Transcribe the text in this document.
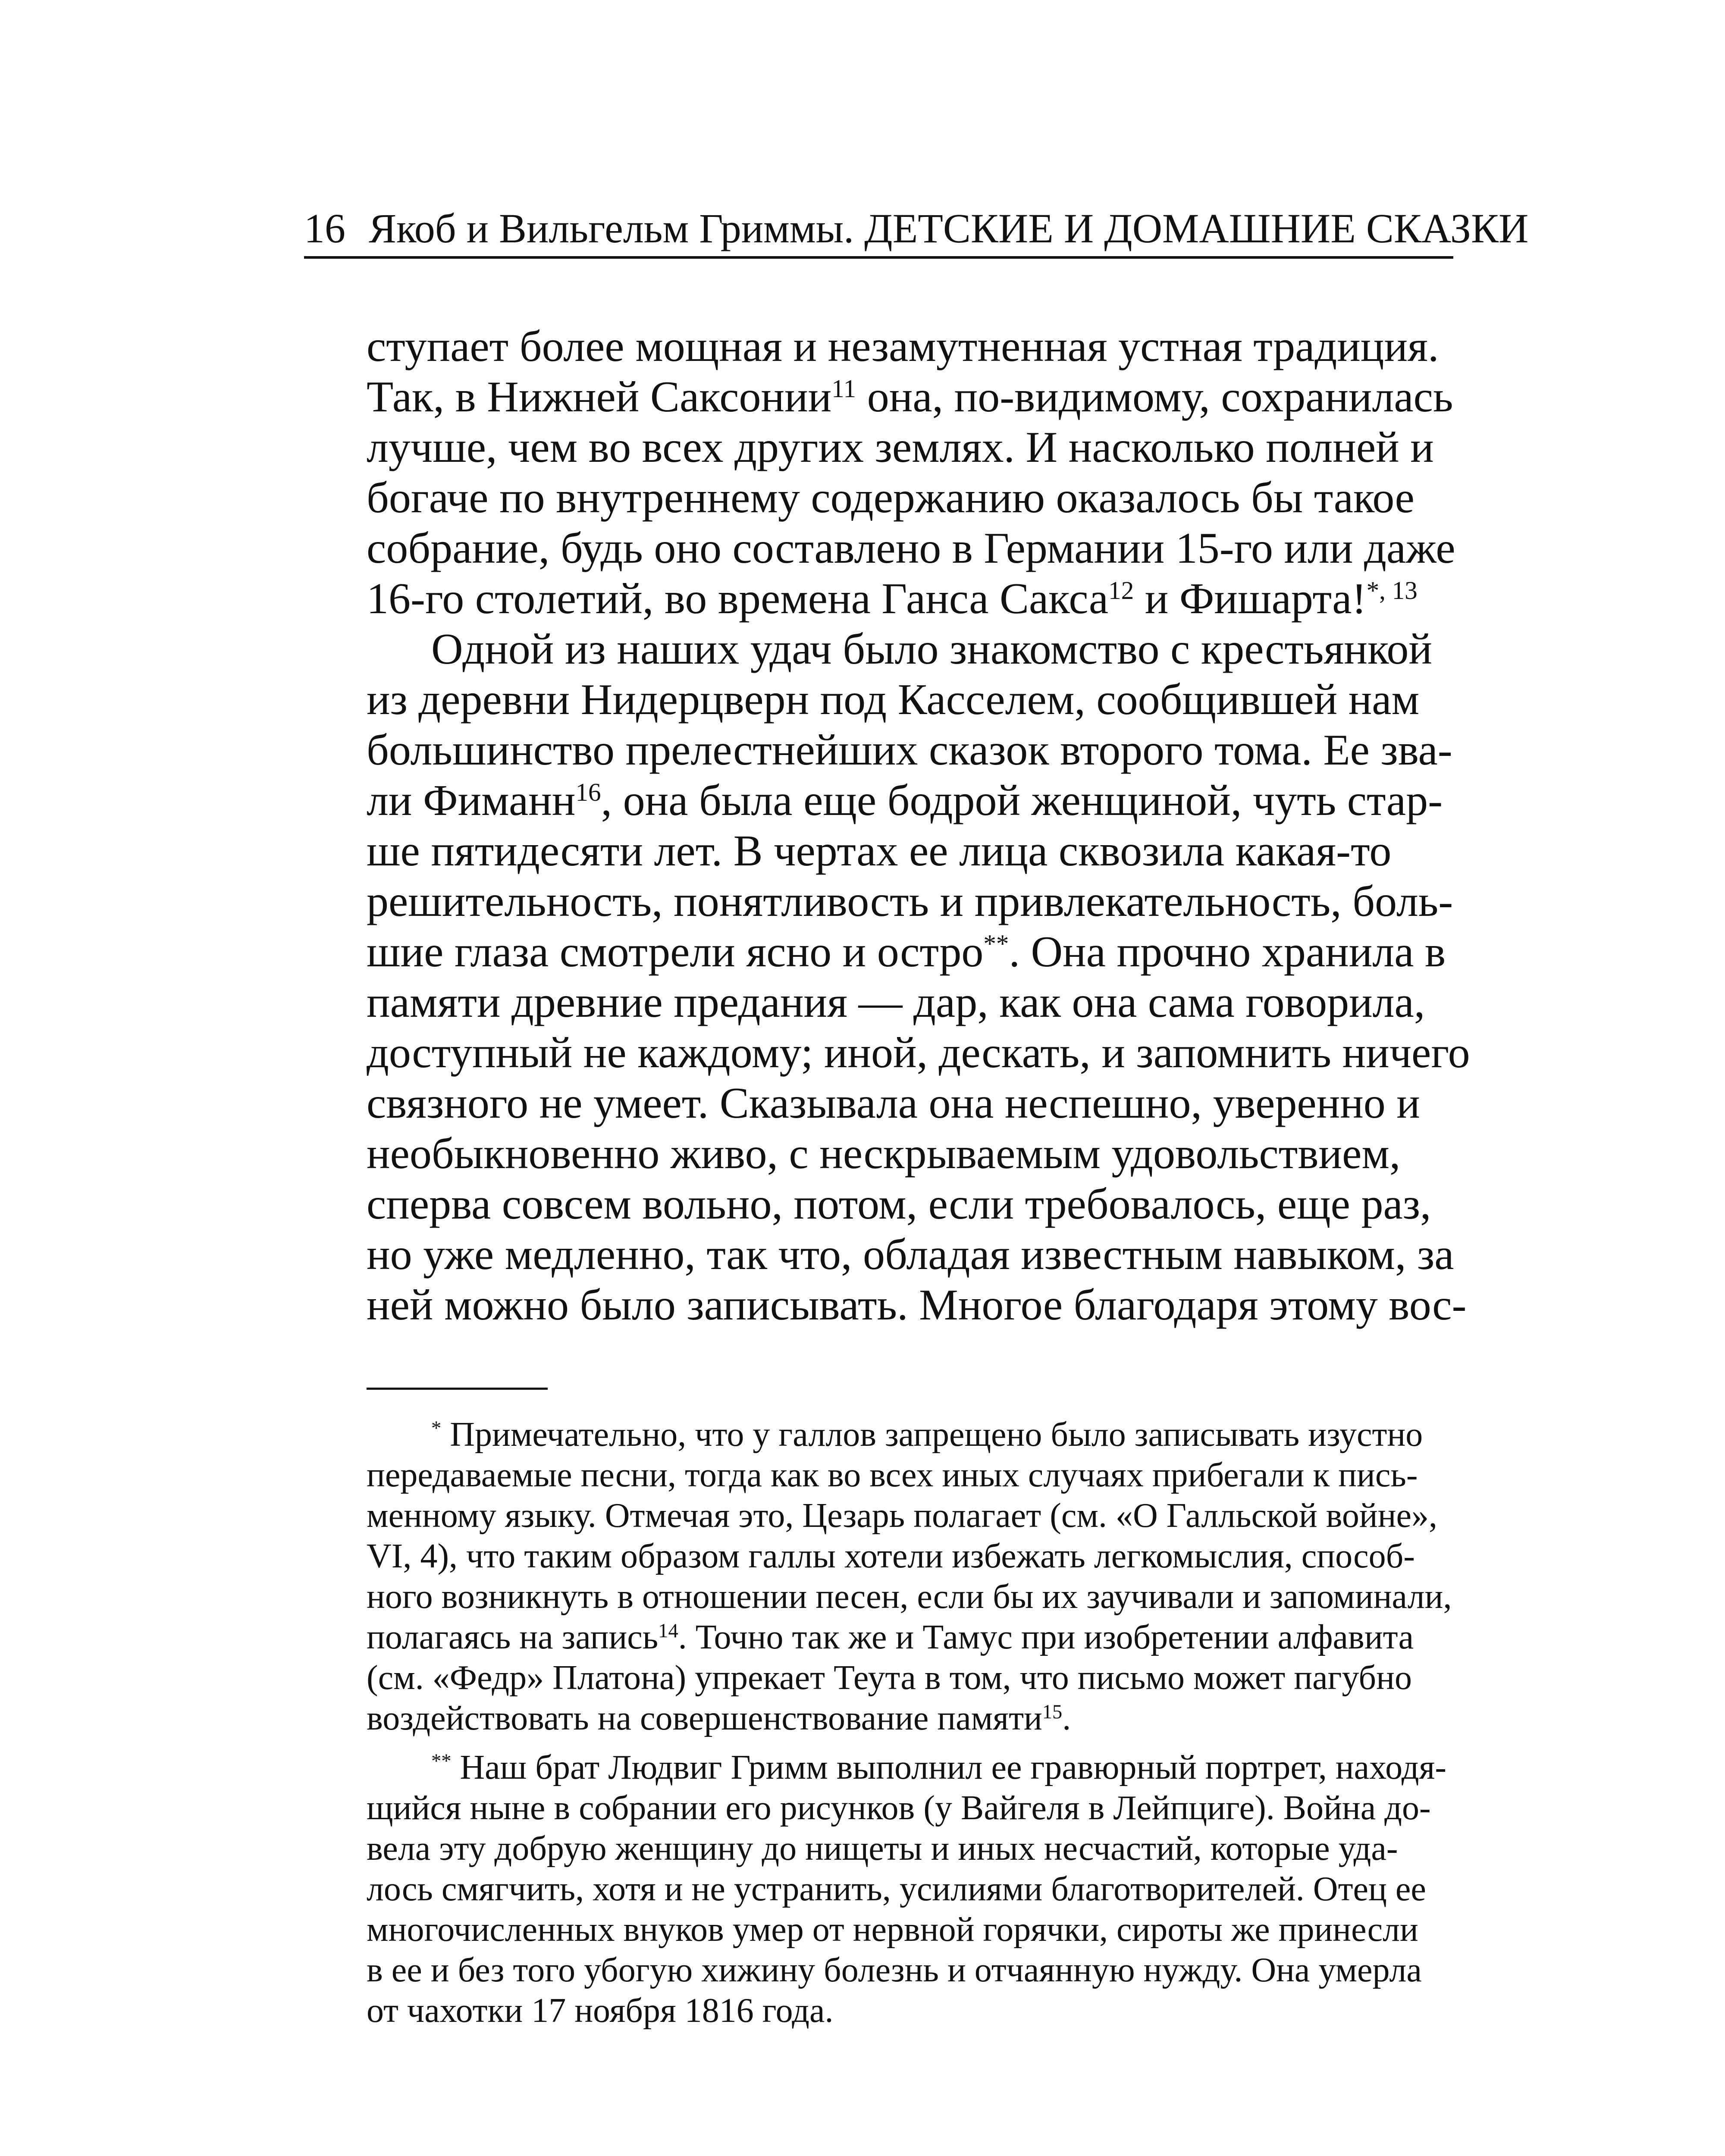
16 Якоб и Вильгельм Гриммы. ДЕТСКИЕ И ДОМАШНИЕ СКАЗКИ
ступает более мощная и незамутненная устная традиция.
Так, в Нижней Саксонии$^{11}$ она, по-видимому, сохранилась
лучше, чем во всех других землях. И насколько полней и
богаче по внутреннему содержанию оказалось бы такое
собрание, будь оно составлено в Германии 15-го или даже
16-го столетий, во времена Ганса Сакса$^{12}$ и Фишарта!$^{*, 13}$
Одной из наших удач было знакомство с крестьянкой
из деревни Нидерцверн под Касселем, сообщившей нам
большинство прелестнейших сказок второго тома. Ее зва-
ли Фиманн$^{16}$, она была еще бодрой женщиной, чуть стар-
ше пятидесяти лет. В чертах ее лица сквозила какая-то
решительность, понятливость и привлекательность, боль-
шие глаза смотрели ясно и остро**. Она прочно хранила в
памяти древние предания — дар, как она сама говорила,
доступный не каждому; иной, дескать, и запомнить ничего
связного не умеет. Сказывала она неспешно, уверенно и
необыкновенно живо, с нескрываемым удовольствием,
сперва совсем вольно, потом, если требовалось, еще раз,
но уже медленно, так что, обладая известным навыком, за
ней можно было записывать. Многое благодаря этому вос-
* Примечательно, что у галлов запрещено было записывать изустно
передаваемые песни, тогда как во всех иных случаях прибегали к пись-
менному языку. Отмечая это, Цезарь полагает (см. «О Галльской войне»,
VI, 4), что таким образом галлы хотели избежать легкомыслия, способ-
ного возникнуть в отношении песен, если бы их заучивали и запоминали,
полагаясь на запись$^{14}$. Точно так же и Тамус при изобретении алфавита
(см. «Федр» Платона) упрекает Теута в том, что письмо может пагубно
воздействовать на совершенствование памяти$^{15}$.
** Наш брат Людвиг Гримм выполнил ее гравюрный портрет, находя-
щийся ныне в собрании его рисунков (у Вайгеля в Лейпциге). Война до-
вела эту добрую женщину до нищеты и иных несчастий, которые уда-
лось смягчить, хотя и не устранить, усилиями благотворителей. Отец ее
многочисленных внуков умер от нервной горячки, сироты же принесли
в ее и без того убогую хижину болезнь и отчаянную нужду. Она умерла
от чахотки 17 ноября 1816 года.
